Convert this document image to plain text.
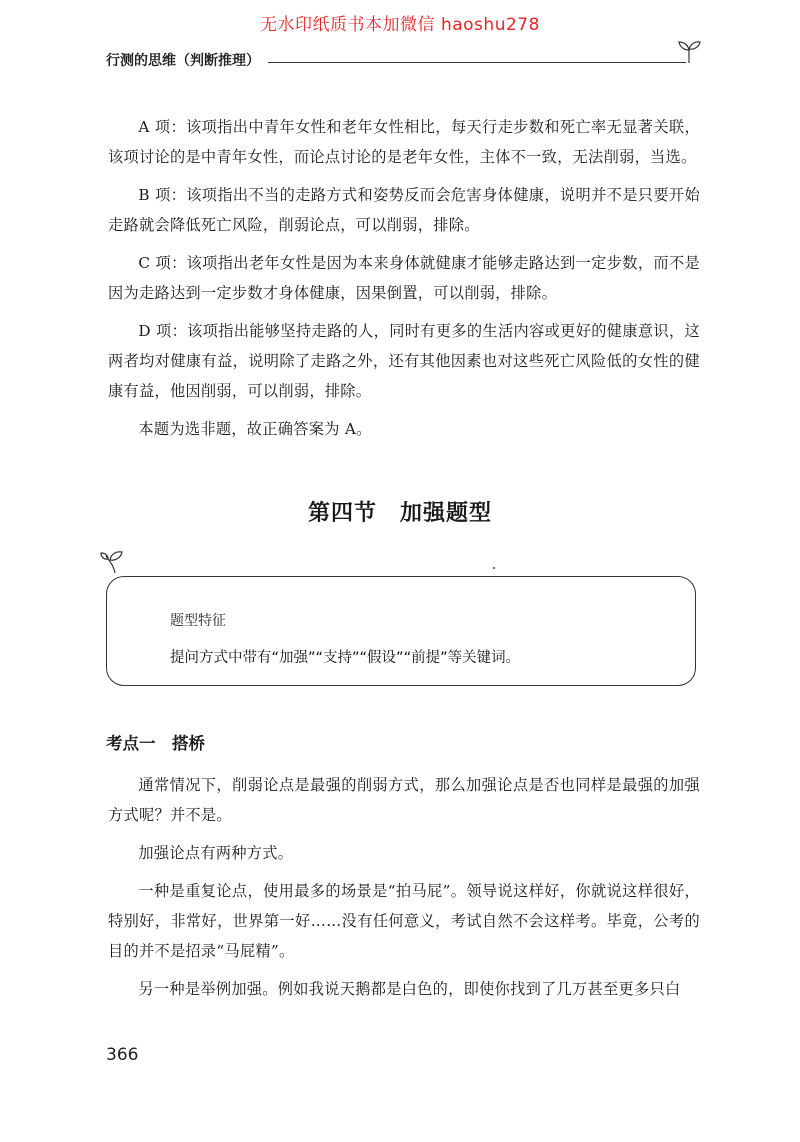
无水印纸质书本加微信 haoshu278
行测的思维（判断推理）

A 项：该项指出中青年女性和老年女性相比，每天行走步数和死亡率无显著关联，该项讨论的是中青年女性，而论点讨论的是老年女性，主体不一致，无法削弱，当选。

B 项：该项指出不当的走路方式和姿势反而会危害身体健康，说明并不是只要开始走路就会降低死亡风险，削弱论点，可以削弱，排除。

C 项：该项指出老年女性是因为本来身体就健康才能够走路达到一定步数，而不是因为走路达到一定步数才身体健康，因果倒置，可以削弱，排除。

D 项：该项指出能够坚持走路的人，同时有更多的生活内容或更好的健康意识，这两者均对健康有益，说明除了走路之外，还有其他因素也对这些死亡风险低的女性的健康有益，他因削弱，可以削弱，排除。

本题为选非题，故正确答案为 A。

第四节　加强题型
题型特征
提问方式中带有“加强”“支持”“假设”“前提”等关键词。
考点一　搭桥

通常情况下，削弱论点是最强的削弱方式，那么加强论点是否也同样是最强的加强方式呢？并不是。

加强论点有两种方式。

一种是重复论点，使用最多的场景是“拍马屁”。领导说这样好，你就说这样很好，特别好，非常好，世界第一好……没有任何意义，考试自然不会这样考。毕竟，公考的目的并不是招录“马屁精”。

另一种是举例加强。例如我说天鹅都是白色的，即使你找到了几万甚至更多只白

366
